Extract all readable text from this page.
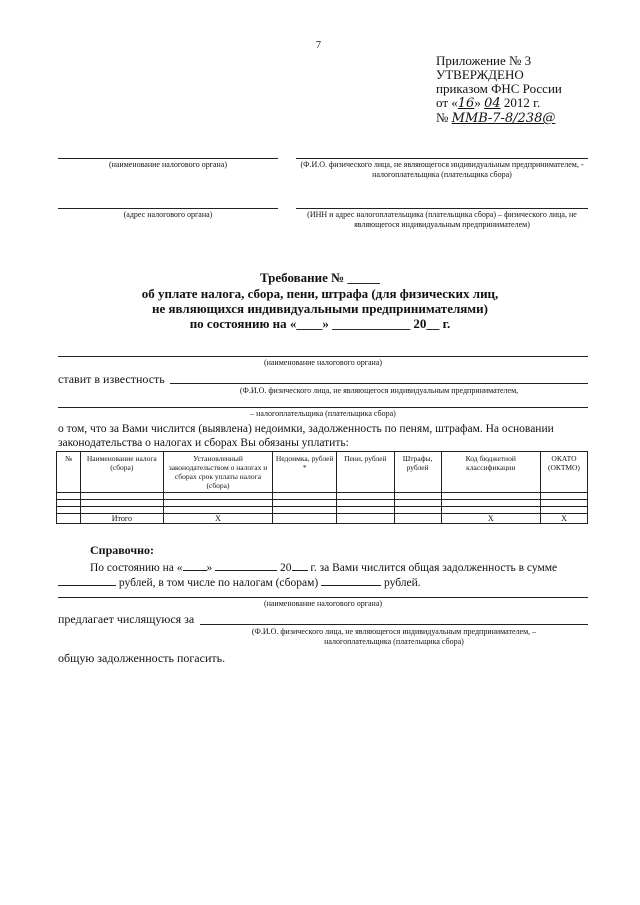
7
Приложение № 3
УТВЕРЖДЕНО
приказом ФНС России
от «16» 04 2012 г.
№ ММВ-7-8/238@
(наименование налогового органа)	(Ф.И.О. физического лица, не являющегося индивидуальным предпринимателем, - налогоплательщика (плательщика сбора)
(адрес налогового органа)	(ИНН и адрес налогоплательщика (плательщика сбора) – физического лица, не являющегося индивидуальным предпринимателем)
Требование № _____
об уплате налога, сбора, пени, штрафа (для физических лиц,
не являющихся индивидуальными предпринимателями)
по состоянию на «____» ____________ 20__ г.
(наименование налогового органа)
ставит в известность
(Ф.И.О. физического лица, не являющегося индивидуальным предпринимателем,
– налогоплательщика (плательщика сбора)
о том, что за Вами числится (выявлена) недоимки, задолженность по пеням, штрафам. На основании
законодательства о налогах и сборах Вы обязаны уплатить:
№	Наименование налога (сбора)	Установленный законодательством о налогах и сборах срок уплаты налога (сбора)	Недоимка, рублей *	Пени, рублей	Штрафы, рублей	Код бюджетной классификации	ОКАТО (ОКТМО)

	Итого	X				X	X
Справочно:
По состоянию на « »	20 г. за Вами числится общая задолженность в сумме
рублей, в том числе по налогам (сборам)	рублей.
(наименование налогового органа)
предлагает числящуюся за
(Ф.И.О. физического лица, не являющегося индивидуальным предпринимателем, –
налогоплательщика (плательщика сбора)
общую задолженность погасить.
